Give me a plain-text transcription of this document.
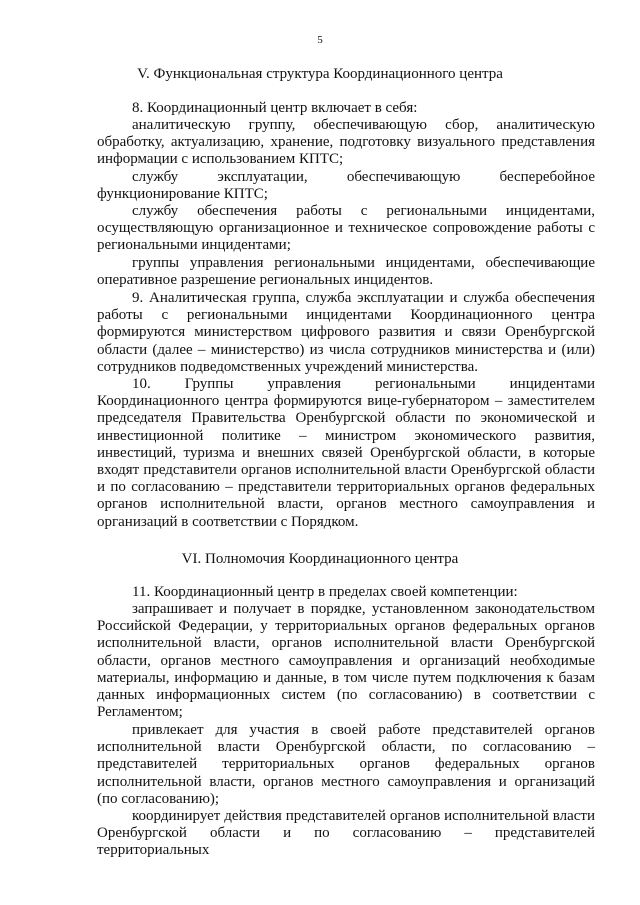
5
V. Функциональная структура Координационного центра
8. Координационный центр включает в себя:
аналитическую группу, обеспечивающую сбор, аналитическую обработку, актуализацию, хранение, подготовку визуального представления информации с использованием КПТС;
службу эксплуатации, обеспечивающую бесперебойное функционирование КПТС;
службу обеспечения работы с региональными инцидентами, осуществляющую организационное и техническое сопровождение работы с региональными инцидентами;
группы управления региональными инцидентами, обеспечивающие оперативное разрешение региональных инцидентов.
9. Аналитическая группа, служба эксплуатации и служба обеспечения работы с региональными инцидентами Координационного центра формируются министерством цифрового развития и связи Оренбургской области (далее – министерство) из числа сотрудников министерства и (или) сотрудников подведомственных учреждений министерства.
10. Группы управления региональными инцидентами Координационного центра формируются вице-губернатором – заместителем председателя Правительства Оренбургской области по экономической и инвестиционной политике – министром экономического развития, инвестиций, туризма и внешних связей Оренбургской области, в которые входят представители органов исполнительной власти Оренбургской области и по согласованию – представители территориальных органов федеральных органов исполнительной власти, органов местного самоуправления и организаций в соответствии с Порядком.
VI. Полномочия Координационного центра
11. Координационный центр в пределах своей компетенции:
запрашивает и получает в порядке, установленном законодательством Российской Федерации, у территориальных органов федеральных органов исполнительной власти, органов исполнительной власти Оренбургской области, органов местного самоуправления и организаций необходимые материалы, информацию и данные, в том числе путем подключения к базам данных информационных систем (по согласованию) в соответствии с Регламентом;
привлекает для участия в своей работе представителей органов исполнительной власти Оренбургской области, по согласованию – представителей территориальных органов федеральных органов исполнительной власти, органов местного самоуправления и организаций (по согласованию);
координирует действия представителей органов исполнительной власти Оренбургской области и по согласованию – представителей территориальных
